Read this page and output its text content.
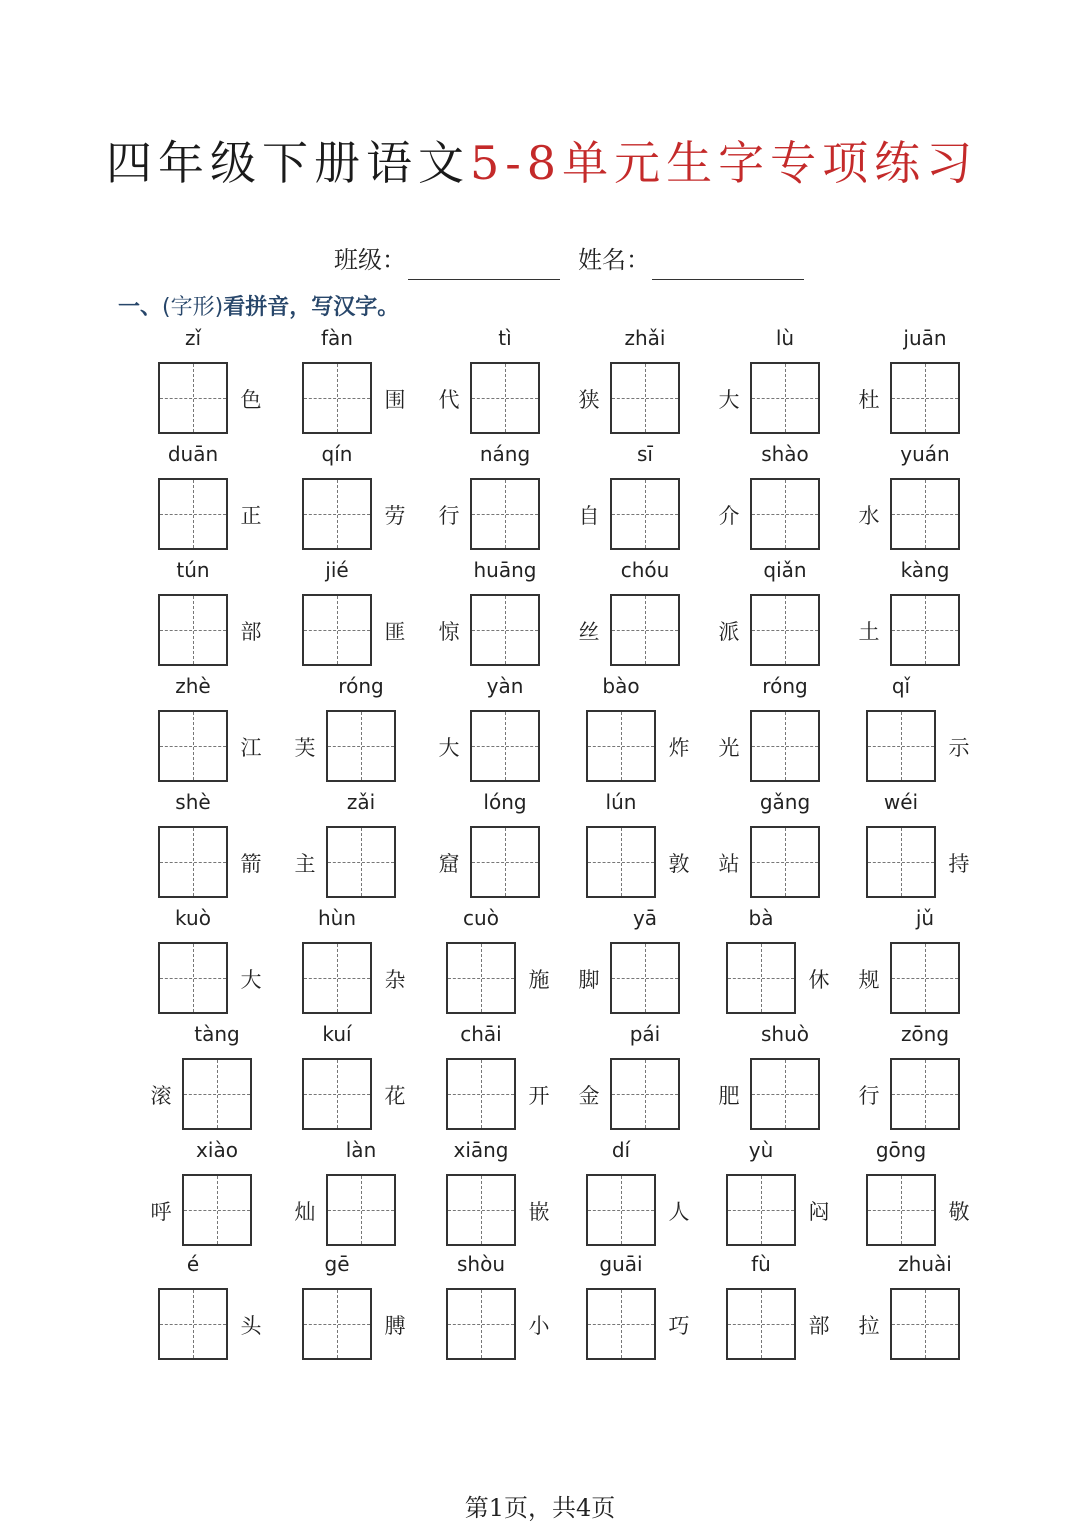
四年级下册语文5-8单元生字专项练习
班级：	姓名：
一、(字形)看拼音，写汉字。
zǐ
色
fàn
围
tì
代
zhǎi
狭
lù
大
juān
杜
duān
正
qín
劳
náng
行
sī
自
shào
介
yuán
水
tún
部
jié
匪
huāng
惊
chóu
丝
qiǎn
派
kàng
土
zhè
江
róng
芙
yàn
大
bào
炸
róng
光
qǐ
示
shè
箭
zǎi
主
lóng
窟
lún
敦
gǎng
站
wéi
持
kuò
大
hùn
杂
cuò
施
yā
脚
bà
休
jǔ
规
tàng
滚
kuí
花
chāi
开
pái
金
shuò
肥
zōng
行
xiào
呼
làn
灿
xiāng
嵌
dí
人
yù
闷
gōng
敬
é
头
gē
膊
shòu
小
guāi
巧
fù
部
zhuài
拉
第1页，共4页
